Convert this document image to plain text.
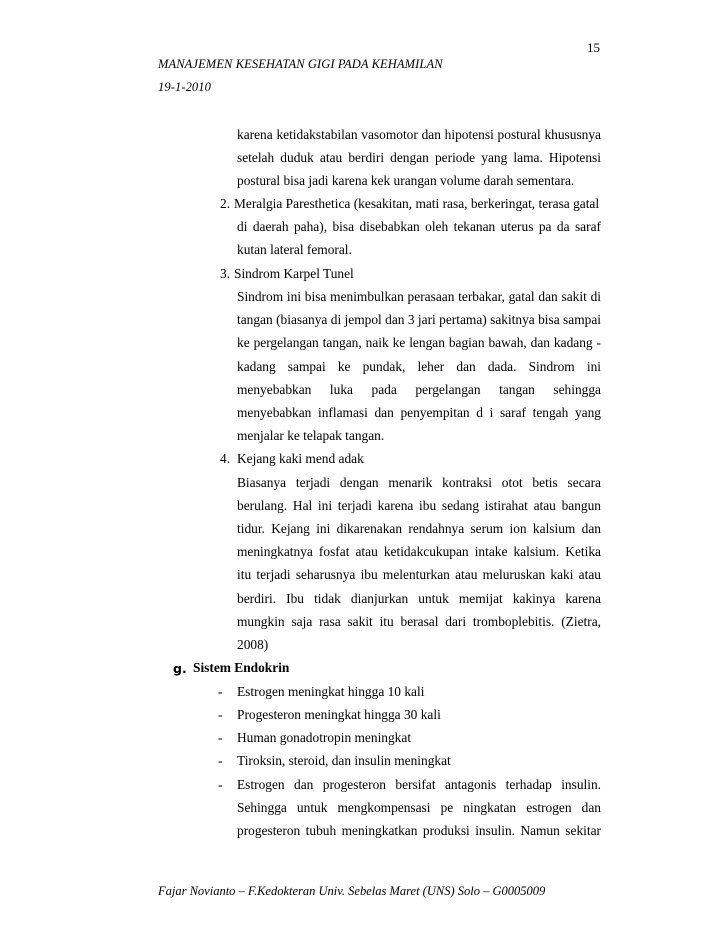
15
MANAJEMEN KESEHATAN GIGI PADA KEHAMILAN
19-1-2010
karena ketidakstabilan vasomotor dan hipotensi postural khususnya
setelah duduk atau berdiri dengan periode yang lama. Hipotensi
postural bisa jadi karena kek urangan volume darah sementara.
2. Meralgia Paresthetica (kesakitan, mati rasa, berkeringat, terasa gatal
di daerah paha), bisa disebabkan oleh tekanan uterus pa da saraf
kutan lateral femoral.
3. Sindrom Karpel Tunel
Sindrom ini bisa menimbulkan perasaan terbakar, gatal dan sakit di
tangan (biasanya di jempol dan 3 jari pertama) sakitnya bisa sampai
ke pergelangan tangan, naik ke lengan bagian bawah, dan kadang -
kadang sampai ke pundak, leher dan dada. Sindrom ini
menyebabkan luka pada pergelangan tangan sehingga
menyebabkan inflamasi dan penyempitan d i saraf tengah yang
menjalar ke telapak tangan.
4. Kejang kaki mend adak
Biasanya terjadi dengan menarik kontraksi otot betis secara
berulang. Hal ini terjadi karena ibu sedang istirahat atau bangun
tidur. Kejang ini dikarenakan rendahnya serum ion kalsium dan
meningkatnya fosfat atau ketidakcukupan intake kalsium. Ketika
itu terjadi seharusnya ibu melenturkan atau meluruskan kaki atau
berdiri. Ibu tidak dianjurkan untuk memijat kakinya karena
mungkin saja rasa sakit itu berasal dari tromboplebitis. (Zietra,
2008)
g. Sistem Endokrin
- Estrogen meningkat hingga 10 kali
- Progesteron meningkat hingga 30 kali
- Human gonadotropin meningkat
- Tiroksin, steroid, dan insulin meningkat
- Estrogen dan progesteron bersifat antagonis terhadap insulin.
Sehingga untuk mengkompensasi pe ningkatan estrogen dan
progesteron tubuh meningkatkan produksi insulin. Namun sekitar
Fajar Novianto – F.Kedokteran Univ. Sebelas Maret (UNS) Solo – G0005009
